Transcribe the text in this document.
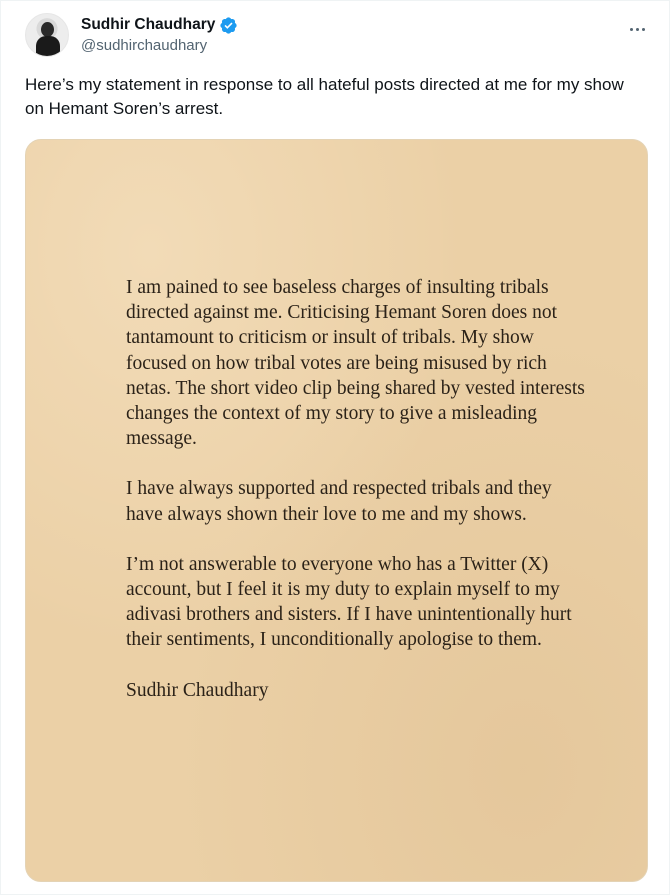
Sudhir Chaudhary
@sudhirchaudhary
Here’s my statement in response to all hateful posts directed at me for my show on Hemant Soren’s arrest.

I am pained to see baseless charges of insulting tribals directed against me. Criticising Hemant Soren does not tantamount to criticism or insult of tribals. My show focused on how tribal votes are being misused by rich netas. The short video clip being shared by vested interests changes the context of my story to give a misleading message.

I have always supported and respected tribals and they have always shown their love to me and my shows.

I’m not answerable to everyone who has a Twitter (X) account, but I feel it is my duty to explain myself to my adivasi brothers and sisters. If I have unintentionally hurt their sentiments, I unconditionally apologise to them.

Sudhir Chaudhary
